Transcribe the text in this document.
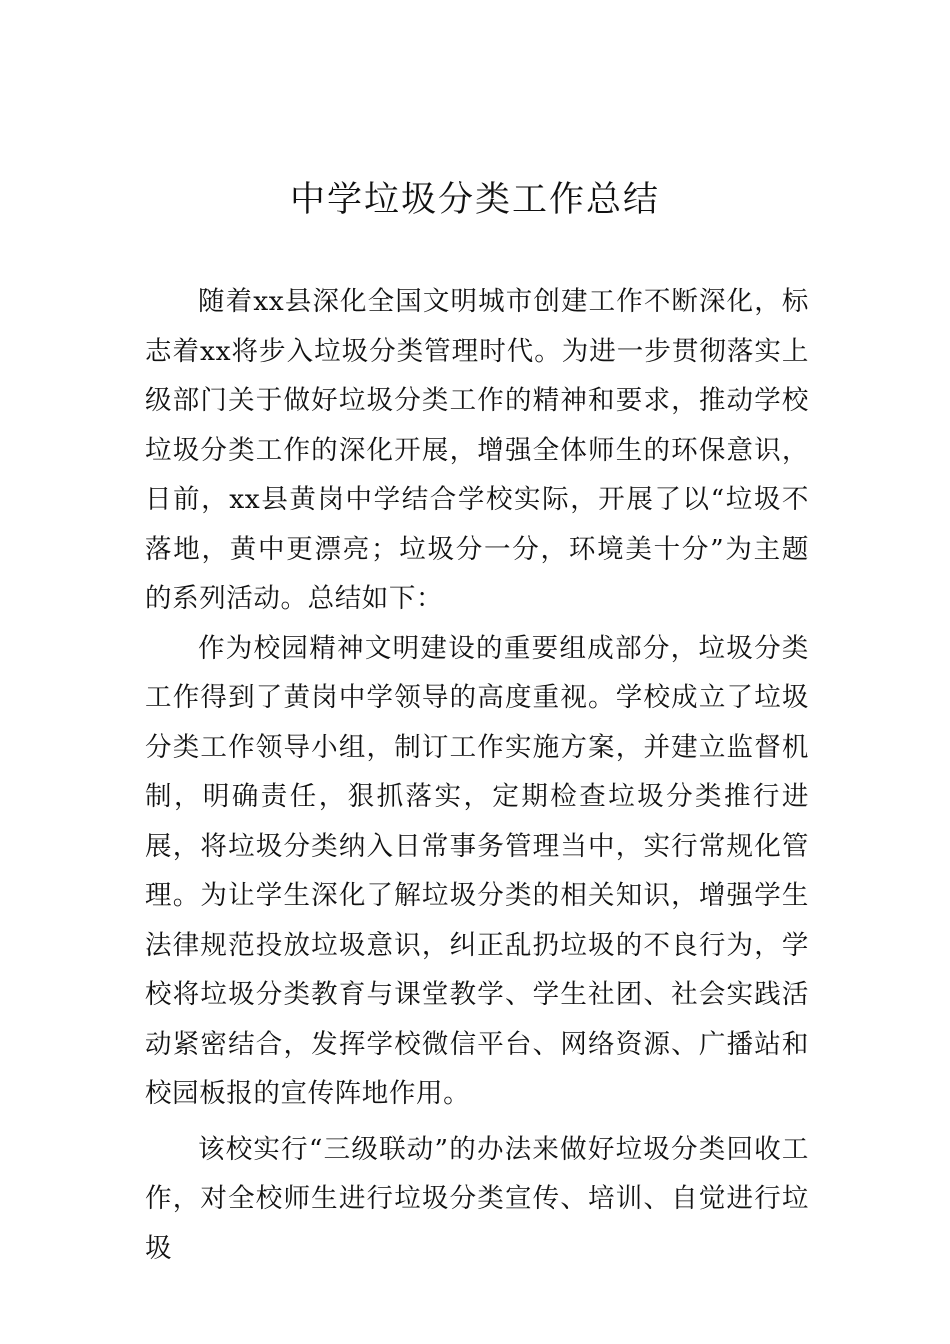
中学垃圾分类工作总结

随着xx县深化全国文明城市创建工作不断深化，标志着xx将步入垃圾分类管理时代。为进一步贯彻落实上级部门关于做好垃圾分类工作的精神和要求，推动学校垃圾分类工作的深化开展，增强全体师生的环保意识，日前，xx县黄岗中学结合学校实际，开展了以“垃圾不落地，黄中更漂亮；垃圾分一分，环境美十分”为主题的系列活动。总结如下：

作为校园精神文明建设的重要组成部分，垃圾分类工作得到了黄岗中学领导的高度重视。学校成立了垃圾分类工作领导小组，制订工作实施方案，并建立监督机制，明确责任，狠抓落实，定期检查垃圾分类推行进展，将垃圾分类纳入日常事务管理当中，实行常规化管理。为让学生深化了解垃圾分类的相关知识，增强学生法律规范投放垃圾意识，纠正乱扔垃圾的不良行为，学校将垃圾分类教育与课堂教学、学生社团、社会实践活动紧密结合，发挥学校微信平台、网络资源、广播站和校园板报的宣传阵地作用。

该校实行“三级联动”的办法来做好垃圾分类回收工作，对全校师生进行垃圾分类宣传、培训、自觉进行垃圾
